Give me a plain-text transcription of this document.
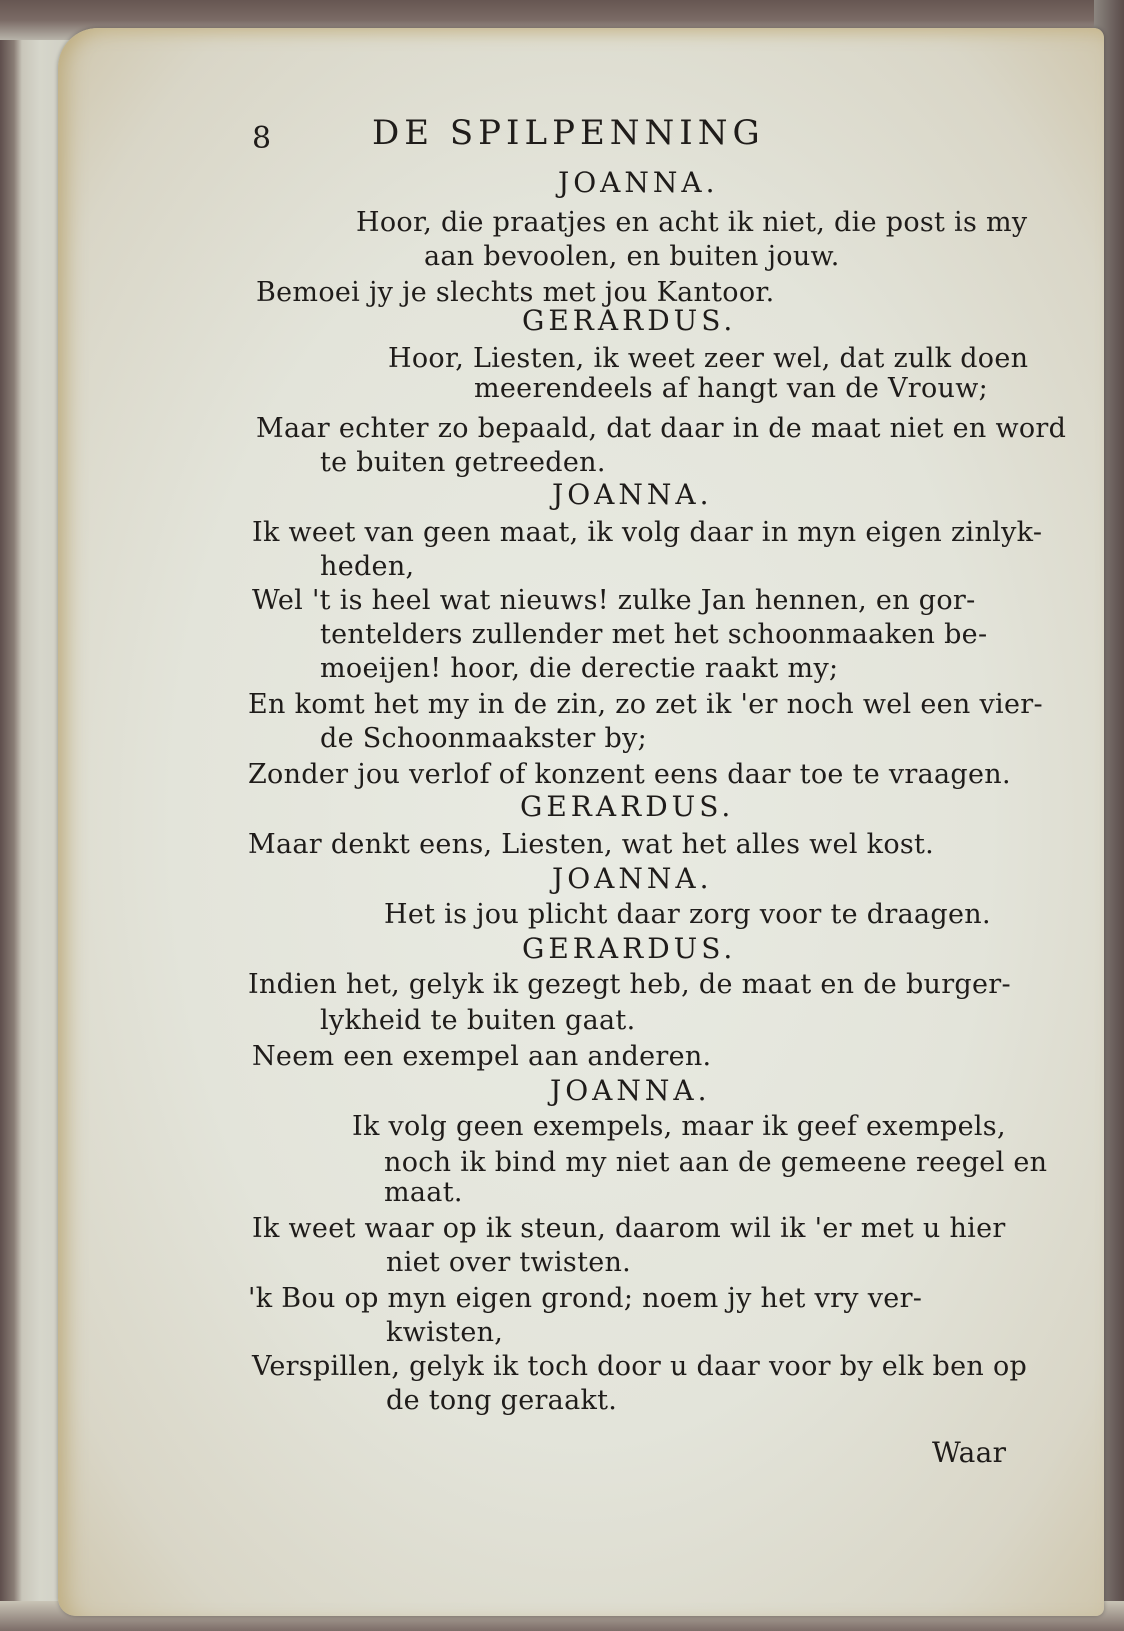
8	DE SPILPENNING
JOANNA.
Hoor, die praatjes en acht ik niet, die post is my
aan bevoolen, en buiten jouw.
Bemoei jy je slechts met jou Kantoor.
GERARDUS.
Hoor, Liesten, ik weet zeer wel, dat zulk doen
meerendeels af hangt van de Vrouw;
Maar echter zo bepaald, dat daar in de maat niet en word
te buiten getreeden.
JOANNA.
Ik weet van geen maat, ik volg daar in myn eigen zinlyk-
heden,
Wel 't is heel wat nieuws! zulke Jan hennen, en gor-
tentelders zullender met het schoonmaaken be-
moeijen! hoor, die derectie raakt my;
En komt het my in de zin, zo zet ik 'er noch wel een vier-
de Schoonmaakster by;
Zonder jou verlof of konzent eens daar toe te vraagen.
GERARDUS.
Maar denkt eens, Liesten, wat het alles wel kost.
JOANNA.
Het is jou plicht daar zorg voor te draagen.
GERARDUS.
Indien het, gelyk ik gezegt heb, de maat en de burger-
lykheid te buiten gaat.
Neem een exempel aan anderen.
JOANNA.
Ik volg geen exempels, maar ik geef exempels,
noch ik bind my niet aan de gemeene reegel en
maat.
Ik weet waar op ik steun, daarom wil ik 'er met u hier
niet over twisten.
'k Bou op myn eigen grond; noem jy het vry ver-
kwisten,
Verspillen, gelyk ik toch door u daar voor by elk ben op
de tong geraakt.
Waar
